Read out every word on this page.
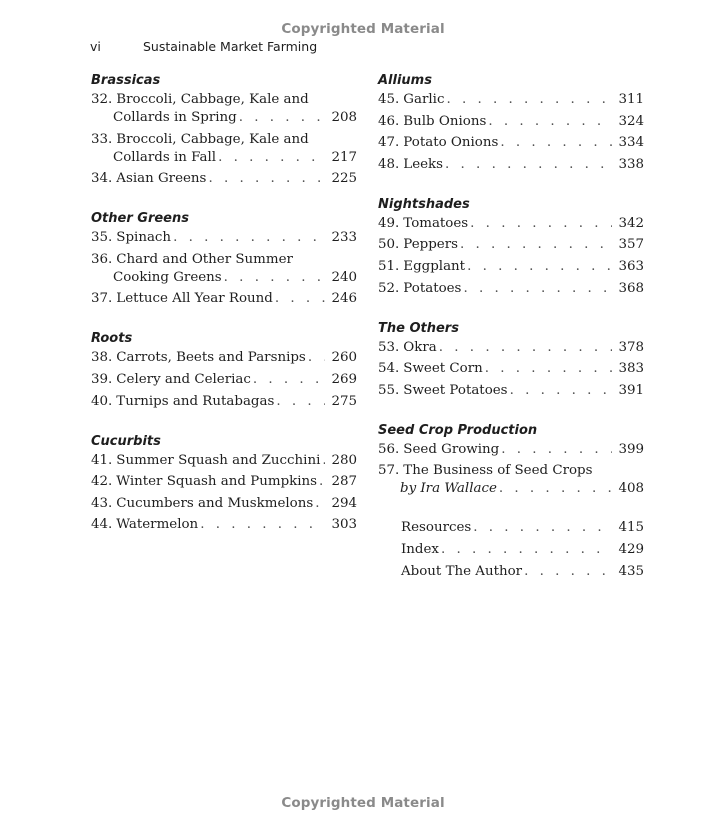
Copyrighted Material
vi	Sustainable Market Farming
Brassicas
32. Broccoli, Cabbage, Kale and
Collards in Spring . . .	208
33. Broccoli, Cabbage, Kale and
Collards in Fall . . .	217
34. Asian Greens . . .	225
Other Greens
35. Spinach . . .	233
36. Chard and Other Summer
Cooking Greens . . .	240
37. Lettuce All Year Round . . .	246
Roots
38. Carrots, Beets and Parsnips . . . 260
39. Celery and Celeriac . . .	269
40. Turnips and Rutabagas . . .	275
Cucurbits
41. Summer Squash and Zucchini . . . 280
42. Winter Squash and Pumpkins . . . 287
43. Cucumbers and Muskmelons . . . 294
44. Watermelon . . .	303
Alliums
45. Garlic . . .	311
46. Bulb Onions . . .	324
47. Potato Onions . . .	334
48. Leeks . . .	338
Nightshades
49. Tomatoes . . .	342
50. Peppers . . .	357
51. Eggplant . . .	363
52. Potatoes . . .	368
The Others
53. Okra . . .	378
54. Sweet Corn . . .	383
55. Sweet Potatoes . . .	391
Seed Crop Production
56. Seed Growing . . .	399
57. The Business of Seed Crops
by Ira Wallace . . .	408
Resources . . .	415
Index . . .	429
About The Author . . .	435
Copyrighted Material
